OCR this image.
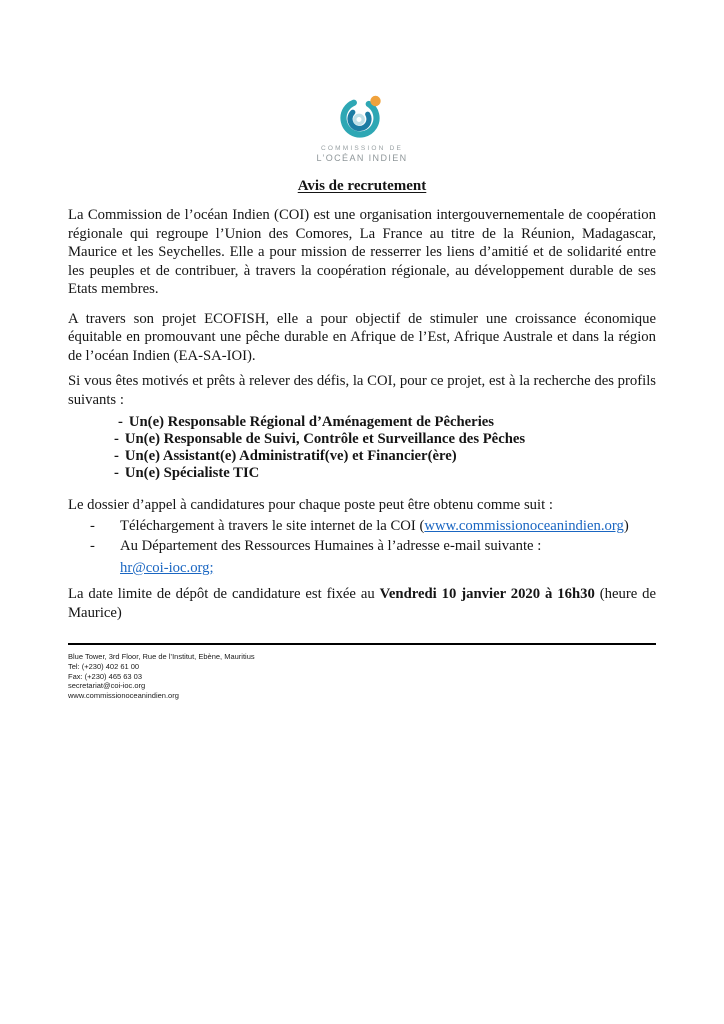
COMMISSION DE
L’OCÉAN INDIEN
Avis de recrutement

La Commission de l’océan Indien (COI) est une organisation intergouvernementale de coopération régionale qui regroupe l’Union des Comores, La France au titre de la Réunion, Madagascar, Maurice et les Seychelles. Elle a pour mission de resserrer les liens d’amitié et de solidarité entre les peuples et de contribuer, à travers la coopération régionale, au développement durable de ses Etats membres.

A travers son projet ECOFISH, elle a pour objectif de stimuler une croissance économique équitable en promouvant une pêche durable en Afrique de l’Est, Afrique Australe et dans la région de l’océan Indien (EA-SA-IOI).

Si vous êtes motivés et prêts à relever des défis, la COI, pour ce projet, est à la recherche des profils suivants :

- Un(e) Responsable Régional d’Aménagement de Pêcheries
- Un(e) Responsable de Suivi, Contrôle et Surveillance des Pêches
- Un(e) Assistant(e) Administratif(ve) et Financier(ère)
- Un(e) Spécialiste TIC

Le dossier d’appel à candidatures pour chaque poste peut être obtenu comme suit :

-	Téléchargement à travers le site internet de la COI (www.commissionoceanindien.org)
-	Au Département des Ressources Humaines à l’adresse e-mail suivante :
hr@coi-ioc.org;

La date limite de dépôt de candidature est fixée au Vendredi 10 janvier 2020 à 16h30 (heure de Maurice)

Blue Tower, 3rd Floor, Rue de l’Institut, Ebène, Mauritius
Tel: (+230) 402 61 00
Fax: (+230) 465 63 03
secretariat@coi-ioc.org
www.commissionoceanindien.org
